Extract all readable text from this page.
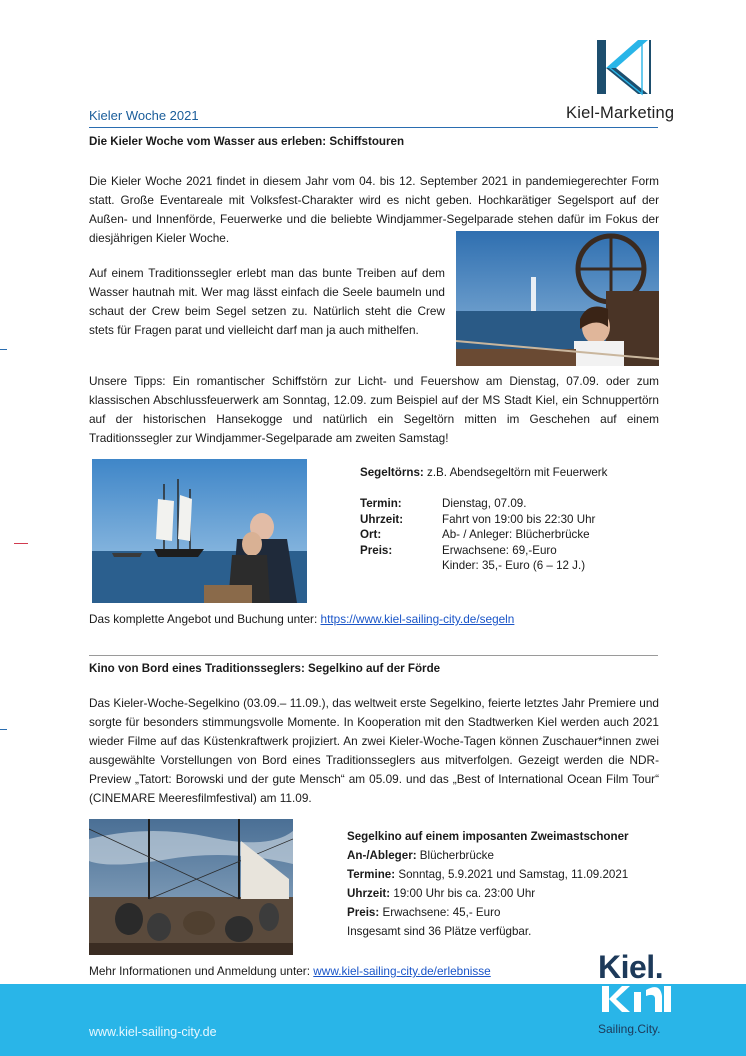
Kiel-Marketing
Kieler Woche 2021
Die Kieler Woche vom Wasser aus erleben: Schiffstouren
Die Kieler Woche 2021 findet in diesem Jahr vom 04. bis 12. September 2021 in pandemiegerechter Form statt. Große Eventareale mit Volksfest-Charakter wird es nicht geben. Hochkarätiger Segelsport auf der Außen- und Innenförde, Feuerwerke und die beliebte Windjammer-Segelparade stehen dafür im Fokus der diesjährigen Kieler Woche.
Auf einem Traditionssegler erlebt man das bunte Treiben auf dem Wasser hautnah mit. Wer mag lässt einfach die Seele baumeln und schaut der Crew beim Segel setzen zu. Natürlich steht die Crew stets für Fragen parat und vielleicht darf man ja auch mithelfen.
Unsere Tipps: Ein romantischer Schiffstörn zur Licht- und Feuershow am Dienstag, 07.09. oder zum klassischen Abschlussfeuerwerk am Sonntag, 12.09. zum Beispiel auf der MS Stadt Kiel, ein Schnuppertörn auf der historischen Hansekogge und natürlich ein Segeltörn mitten im Geschehen auf einem Traditionssegler zur Windjammer-Segelparade am zweiten Samstag!
Segeltörns: z.B. Abendsegeltörn mit Feuerwerk
Termin:	Dienstag, 07.09.
Uhrzeit:	Fahrt von 19:00 bis 22:30 Uhr
Ort:	Ab- / Anleger: Blücherbrücke
Preis:	Erwachsene: 69,-Euro
	Kinder: 35,- Euro (6 – 12 J.)
Das komplette Angebot und Buchung unter: https://www.kiel-sailing-city.de/segeln
Kino von Bord eines Traditionsseglers: Segelkino auf der Förde
Das Kieler-Woche-Segelkino (03.09.– 11.09.), das weltweit erste Segelkino, feierte letztes Jahr Premiere und sorgte für besonders stimmungsvolle Momente. In Kooperation mit den Stadtwerken Kiel werden auch 2021 wieder Filme auf das Küstenkraftwerk projiziert. An zwei Kieler-Woche-Tagen können Zuschauer*innen zwei ausgewählte Vorstellungen von Bord eines Traditionsseglers aus mitverfolgen. Gezeigt werden die NDR-Preview „Tatort: Borowski und der gute Mensch“ am 05.09. und das „Best of International Ocean Film Tour“ (CINEMARE Meeresfilmfestival) am 11.09.
Segelkino auf einem imposanten Zweimastschoner
An-/Ableger: Blücherbrücke
Termine: Sonntag, 5.9.2021 und Samstag, 11.09.2021
Uhrzeit: 19:00 Uhr bis ca. 23:00 Uhr
Preis: Erwachsene: 45,- Euro
Insgesamt sind 36 Plätze verfügbar.
Mehr Informationen und Anmeldung unter: www.kiel-sailing-city.de/erlebnisse
www.kiel-sailing-city.de
Kiel.
Sailing.City.
